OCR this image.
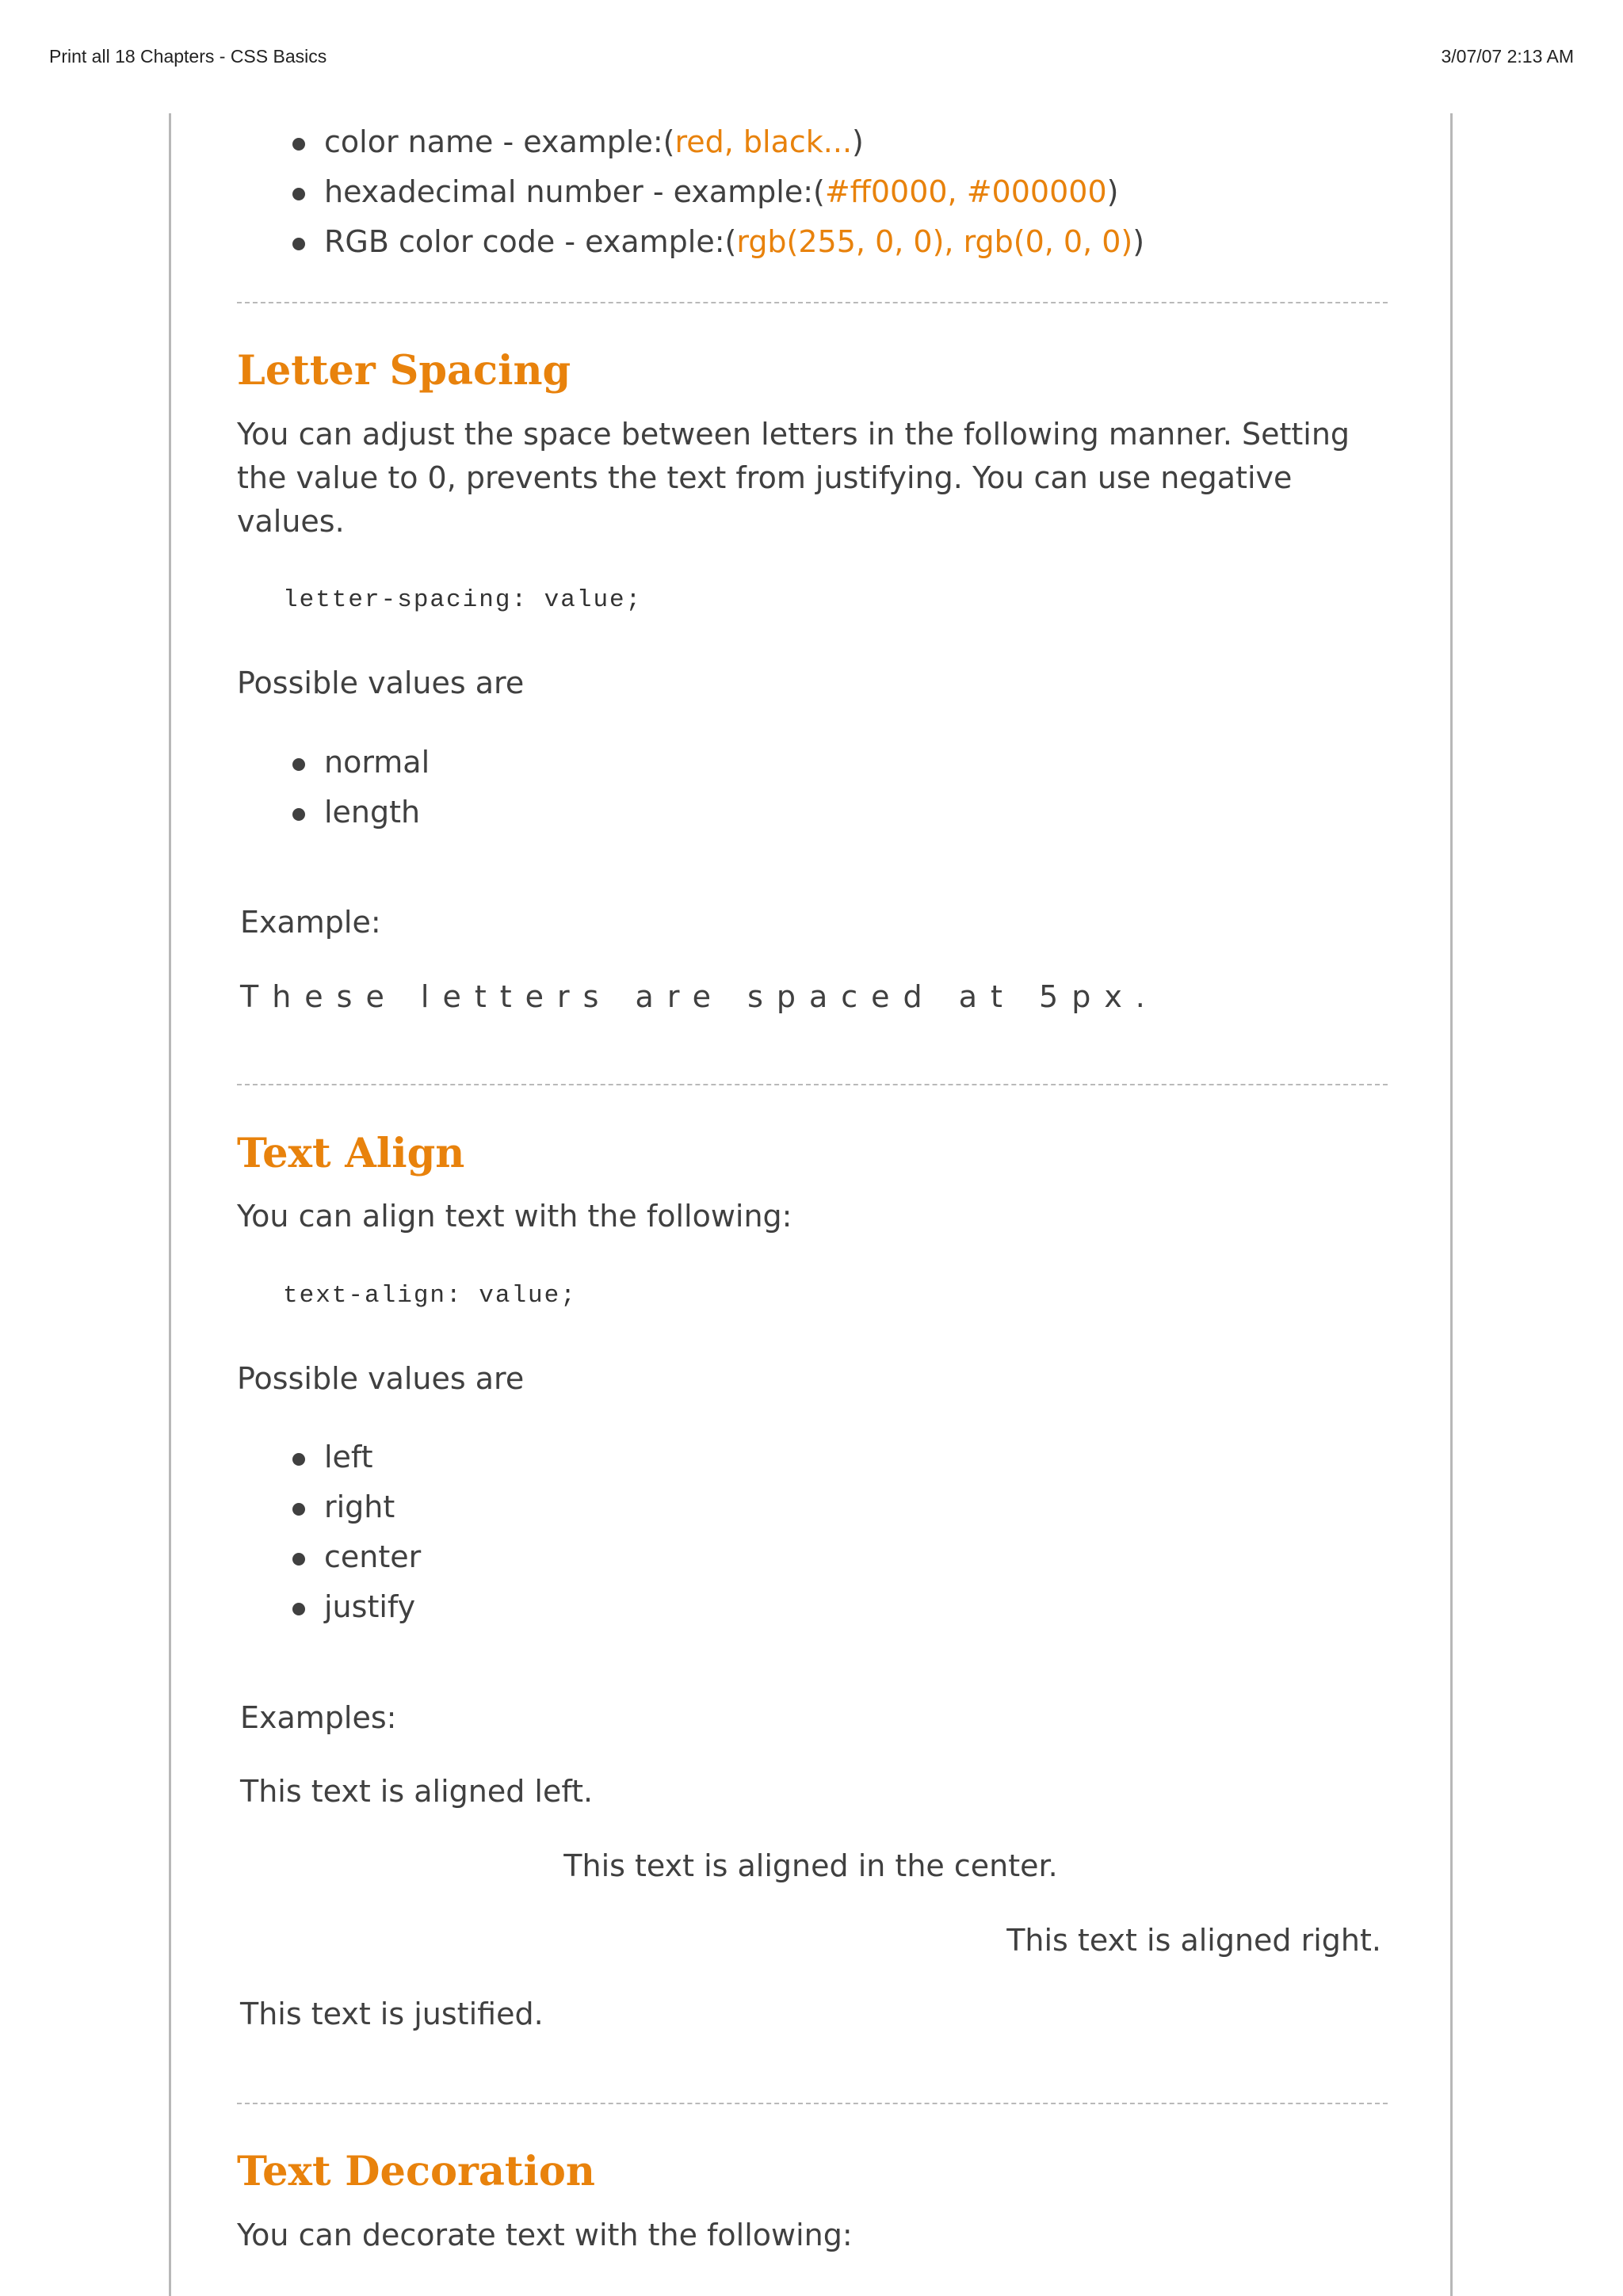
Print all 18 Chapters - CSS Basics	3/07/07 2:13 AM
color name - example:(red, black...)
hexadecimal number - example:(#ff0000, #000000)
RGB color code - example:(rgb(255, 0, 0), rgb(0, 0, 0))
Letter Spacing

You can adjust the space between letters in the following manner. Setting the value to 0, prevents the text from justifying. You can use negative values.

letter-spacing: value;

Possible values are

normal
length

Example:

These letters are spaced at 5px.

Text Align

You can align text with the following:

text-align: value;

Possible values are

left
right
center
justify

Examples:

This text is aligned left.

This text is aligned in the center.

This text is aligned right.

This text is justified.

Text Decoration

You can decorate text with the following:
